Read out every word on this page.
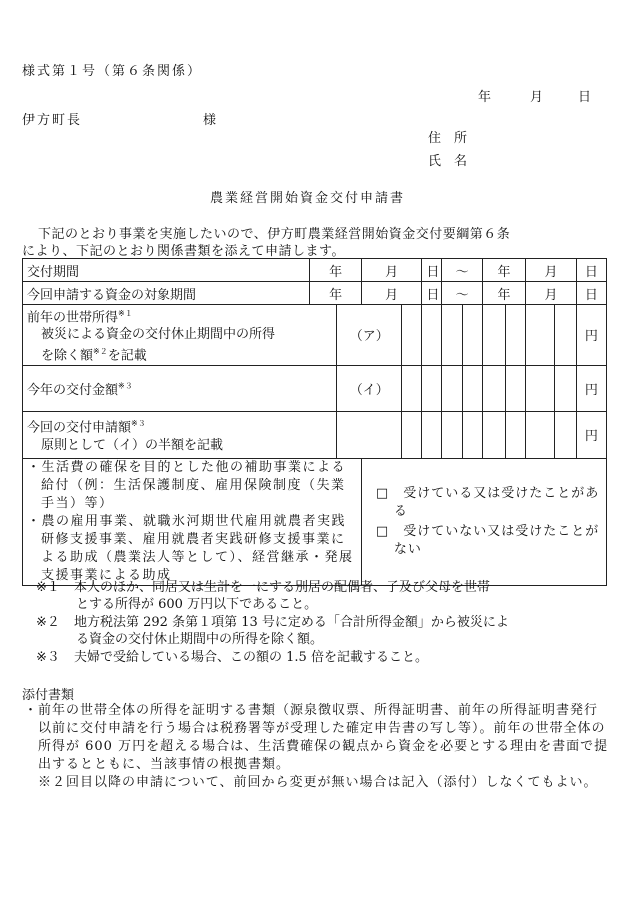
様式第１号（第６条関係）
年	月	日
伊方町長	様
住　所
氏　名
農業経営開始資金交付申請書
下記のとおり事業を実施したいので、伊方町農業経営開始資金交付要綱第６条
により、下記のとおり関係書類を添えて申請します。
交付期間	年		月		日	～		年		月		日
今回申請する資金の対象期間	年		月		日	～		年		月		日
前年の世帯所得$^{※1}$
被災による資金の交付休止期間中の所得
を除く額$^{※2}$を記載		（ア）										円
今年の交付金額$^{※3}$		（イ）										円
今回の交付申請額$^{※3}$
原則として（イ）の半額を記載												円

・生活費の確保を目的とした他の補助事業による給付（例：生活保護制度、雇用保険制度（失業手当）等）
・農の雇用事業、就職氷河期世代雇用就農者実践研修支援事業、雇用就農者実践研修支援事業による助成（農業法人等として）、経営継承・発展支援事業による助成			□　受けている又は受けたことがある
□　受けていない又は受けたことがない									
※１ 本人のほか、同居又は生計を一にする別居の配偶者、子及び父母を世帯
とする所得が 600 万円以下であること。
※２ 地方税法第 292 条第１項第 13 号に定める「合計所得金額」から被災によ
る資金の交付休止期間中の所得を除く額。
※３ 夫婦で受給している場合、この額の 1.5 倍を記載すること。
添付書類
・前年の世帯全体の所得を証明する書類（源泉徴収票、所得証明書、前年の所得証明書発行以前に交付申請を行う場合は税務署等が受理した確定申告書の写し等）。前年の世帯全体の所得が 600 万円を超える場合は、生活費確保の観点から資金を必要とする理由を書面で提出するとともに、当該事情の根拠書類。
※２回目以降の申請について、前回から変更が無い場合は記入（添付）しなくてもよい。
